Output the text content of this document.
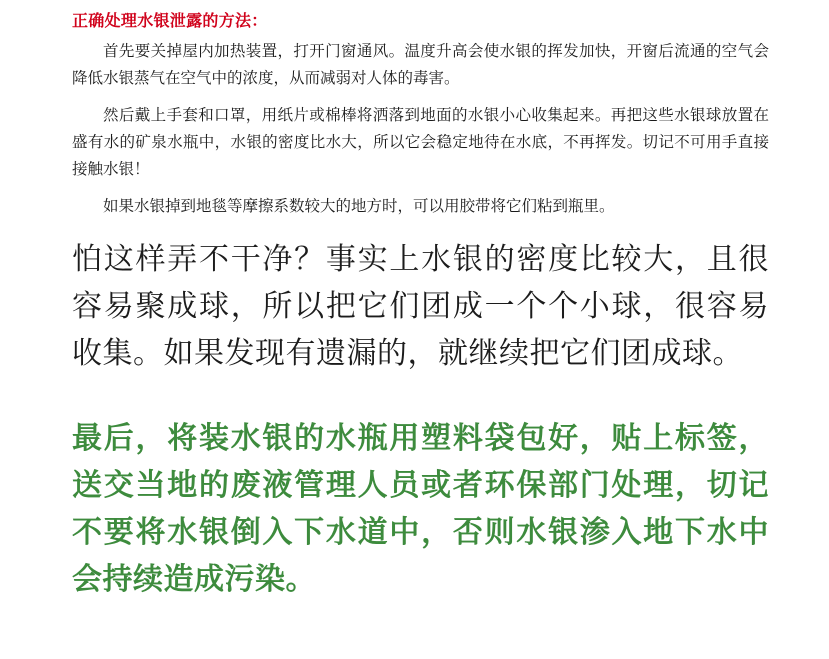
正确处理水银泄露的方法：

首先要关掉屋内加热装置，打开门窗通风。温度升高会使水银的挥发加快，开窗后流通的空气会降低水银蒸气在空气中的浓度，从而减弱对人体的毒害。

然后戴上手套和口罩，用纸片或棉棒将洒落到地面的水银小心收集起来。再把这些水银球放置在盛有水的矿泉水瓶中，水银的密度比水大，所以它会稳定地待在水底，不再挥发。切记不可用手直接接触水银！

如果水银掉到地毯等摩擦系数较大的地方时，可以用胶带将它们粘到瓶里。

怕这样弄不干净？事实上水银的密度比较大，且很容易聚成球，所以把它们团成一个个小球，很容易收集。如果发现有遗漏的，就继续把它们团成球。

最后，将装水银的水瓶用塑料袋包好，贴上标签，送交当地的废液管理人员或者环保部门处理，切记不要将水银倒入下水道中，否则水银渗入地下水中会持续造成污染。
